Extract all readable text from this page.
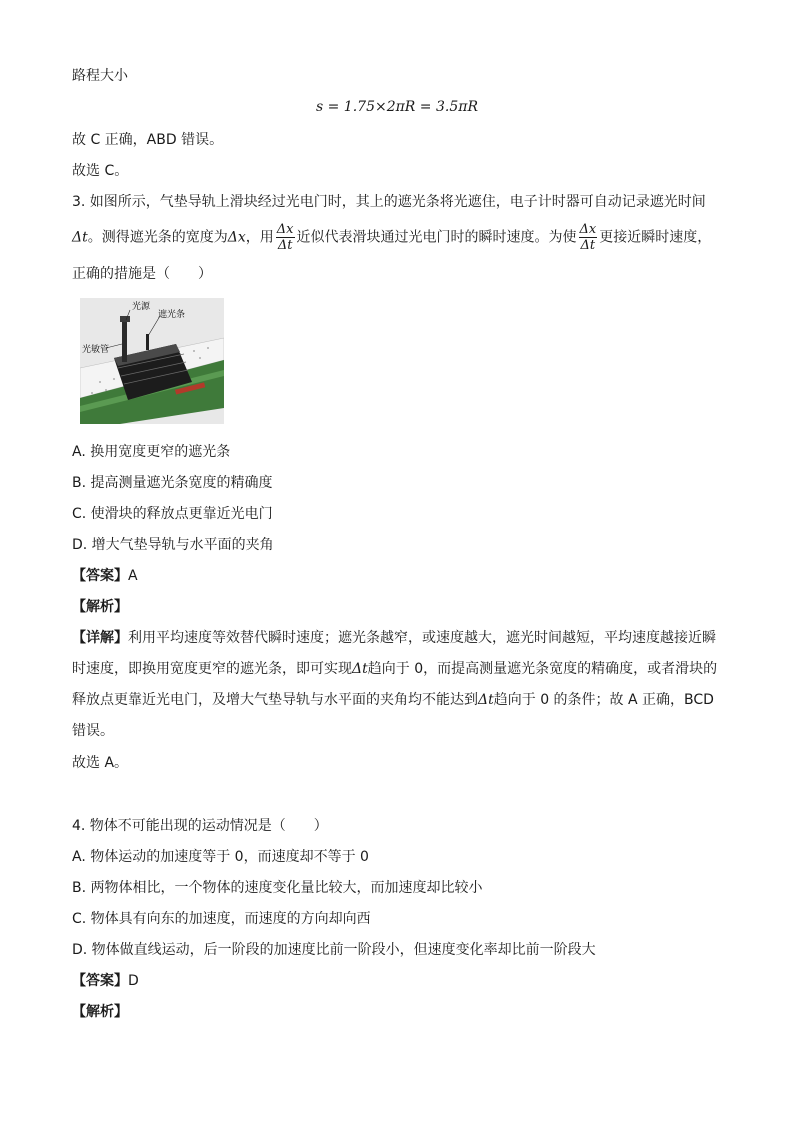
路程大小
s = 1.75×2πR = 3.5πR
故 C 正确，ABD 错误。
故选 C。
3. 如图所示，气垫导轨上滑块经过光电门时，其上的遮光条将光遮住，电子计时器可自动记录遮光时间
Δt。测得遮光条的宽度为Δx，用 $\frac{\Delta x}{\Delta t}$ 近似代表滑块通过光电门时的瞬时速度。为使 $\frac{\Delta x}{\Delta t}$ 更接近瞬时速度，
正确的措施是（　　）
光源
遮光条
光敏管
A. 换用宽度更窄的遮光条
B. 提高测量遮光条宽度的精确度
C. 使滑块的释放点更靠近光电门
D. 增大气垫导轨与水平面的夹角
【答案】A
【解析】
【详解】利用平均速度等效替代瞬时速度；遮光条越窄，或速度越大，遮光时间越短，平均速度越接近瞬
时速度，即换用宽度更窄的遮光条，即可实现Δt趋向于 0，而提高测量遮光条宽度的精确度，或者滑块的
释放点更靠近光电门，及增大气垫导轨与水平面的夹角均不能达到Δt趋向于 0 的条件；故 A 正确，BCD
错误。
故选 A。
4. 物体不可能出现的运动情况是（　　）
A. 物体运动的加速度等于 0，而速度却不等于 0
B. 两物体相比，一个物体的速度变化量比较大，而加速度却比较小
C. 物体具有向东的加速度，而速度的方向却向西
D. 物体做直线运动，后一阶段的加速度比前一阶段小，但速度变化率却比前一阶段大
【答案】D
【解析】
